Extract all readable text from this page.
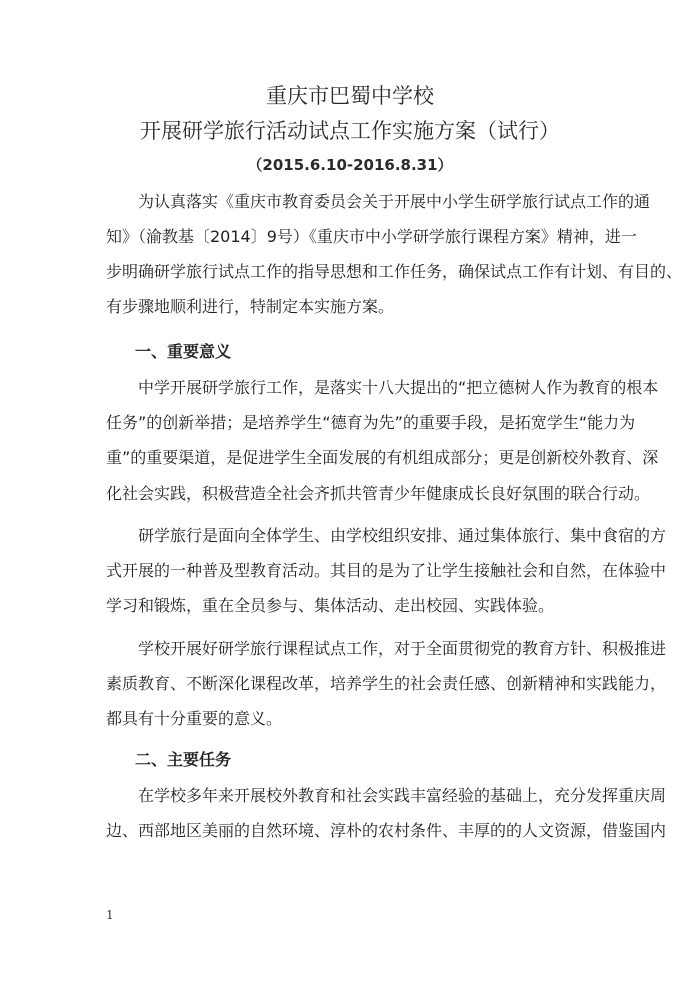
重庆市巴蜀中学校
开展研学旅行活动试点工作实施方案（试行）
（2015.6.10-2016.8.31）
为认真落实《重庆市教育委员会关于开展中小学生研学旅行试点工作的通
知》（渝教基〔2014〕9号）《重庆市中小学研学旅行课程方案》精神，进一
步明确研学旅行试点工作的指导思想和工作任务，确保试点工作有计划、有目的、
有步骤地顺利进行，特制定本实施方案。
一、重要意义
中学开展研学旅行工作，是落实十八大提出的“把立德树人作为教育的根本
任务”的创新举措；是培养学生“德育为先”的重要手段，是拓宽学生“能力为
重”的重要渠道，是促进学生全面发展的有机组成部分；更是创新校外教育、深
化社会实践，积极营造全社会齐抓共管青少年健康成长良好氛围的联合行动。
研学旅行是面向全体学生、由学校组织安排、通过集体旅行、集中食宿的方
式开展的一种普及型教育活动。其目的是为了让学生接触社会和自然，在体验中
学习和锻炼，重在全员参与、集体活动、走出校园、实践体验。
学校开展好研学旅行课程试点工作，对于全面贯彻党的教育方针、积极推进
素质教育、不断深化课程改革，培养学生的社会责任感、创新精神和实践能力，
都具有十分重要的意义。
二、主要任务
在学校多年来开展校外教育和社会实践丰富经验的基础上，充分发挥重庆周
边、西部地区美丽的自然环境、淳朴的农村条件、丰厚的的人文资源，借鉴国内
1
